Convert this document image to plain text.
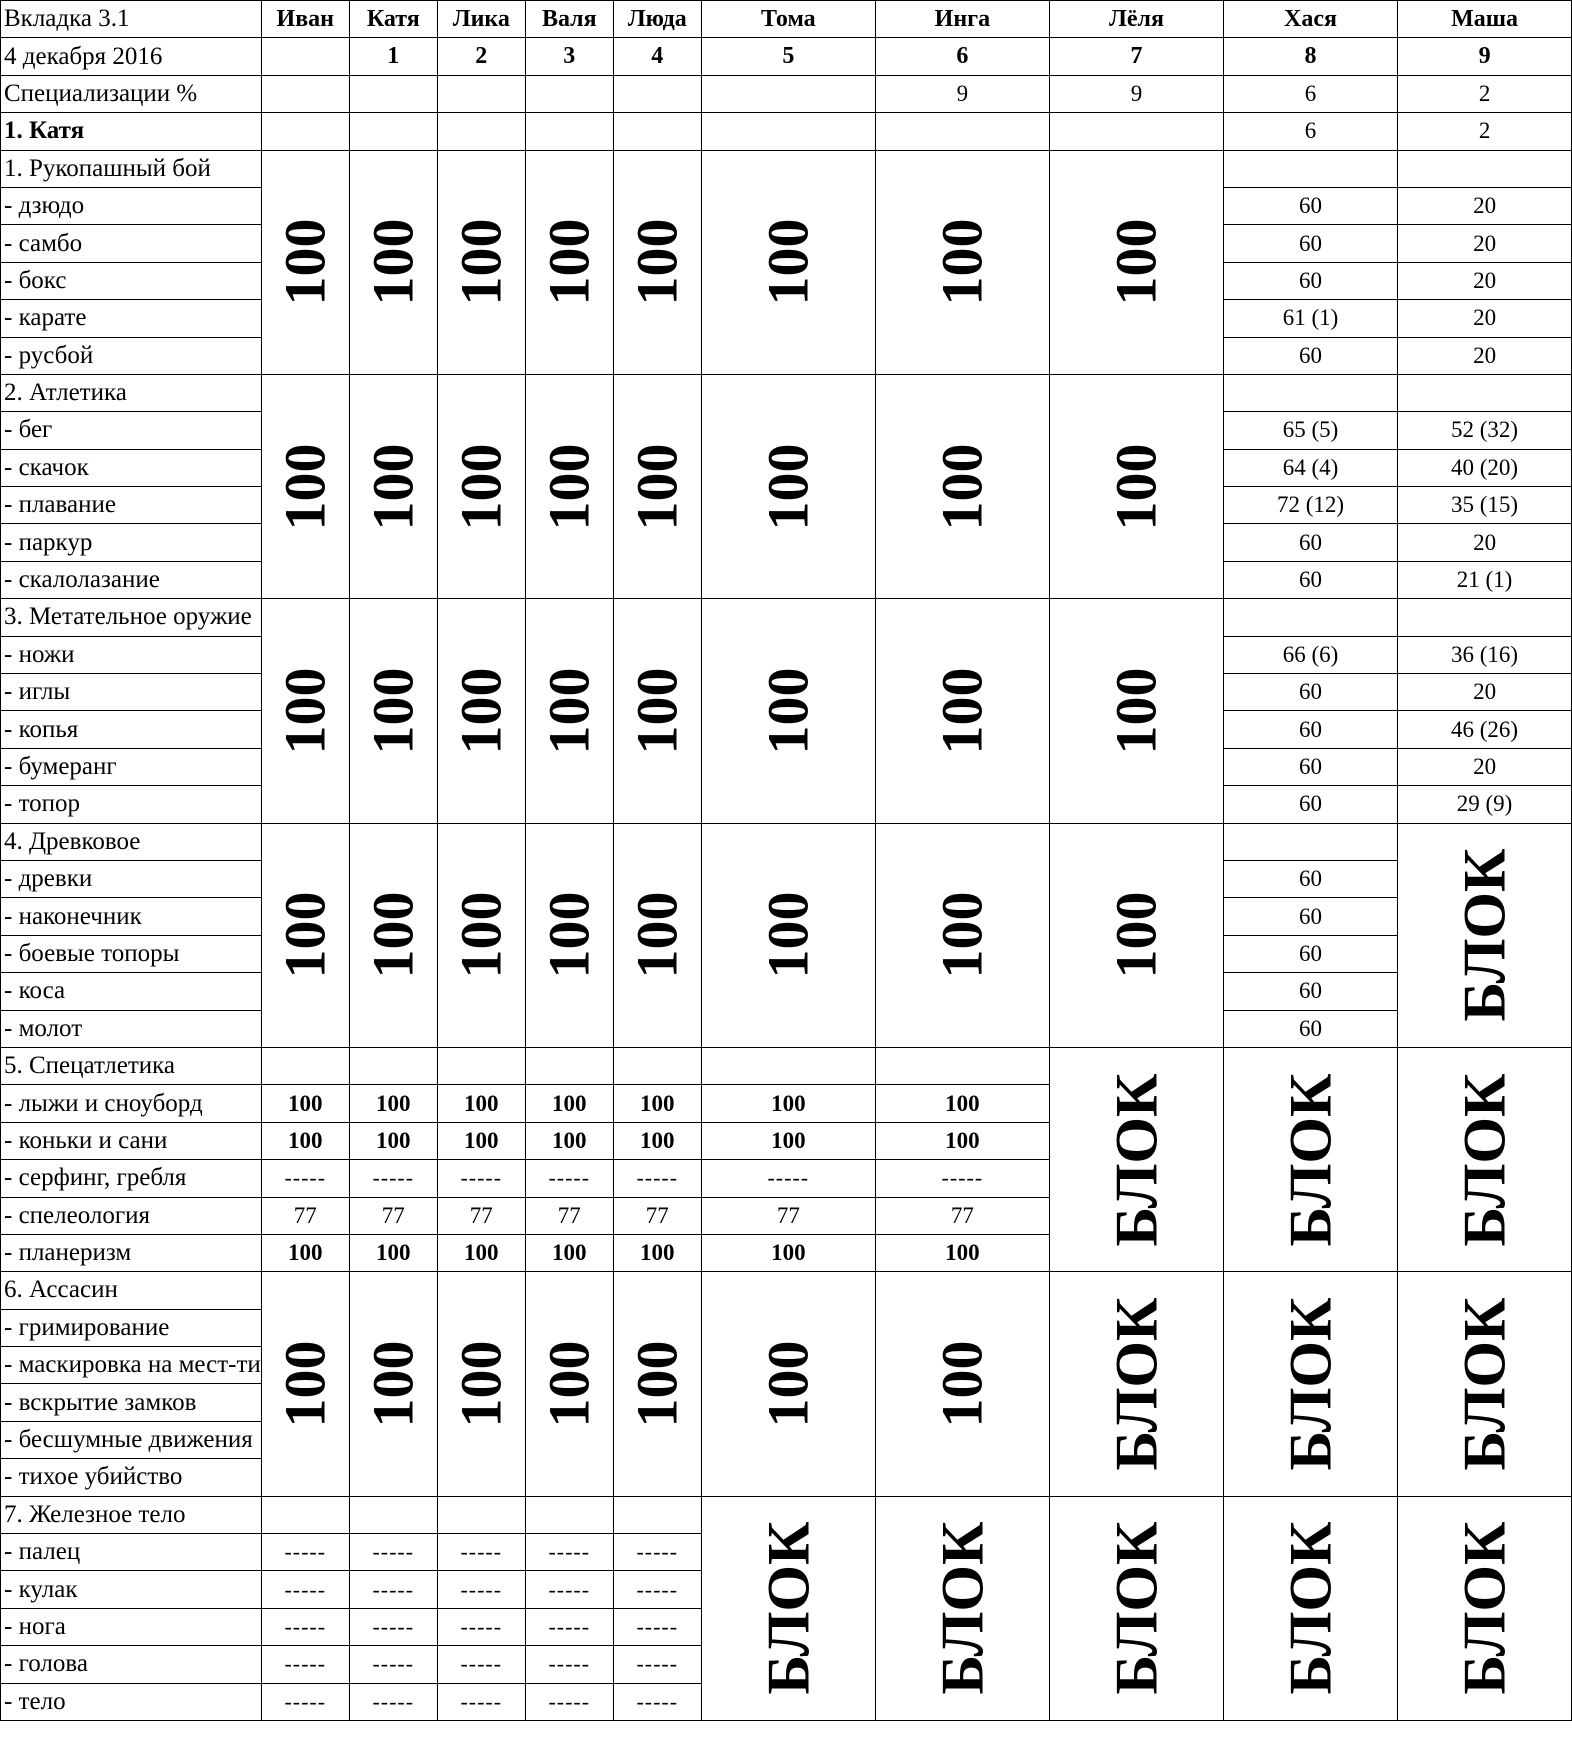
Вкладка 3.1	Иван	Катя	Лика	Валя	Люда	Тома	Инга	Лёля	Хася	Маша
4 декабря 2016		1	2	3	4	5	6	7	8	9
Специализации %							9	9	6	2
1. Катя									6	2
1. Рукопашный бой	100	100	100	100	100	100	100	100		
- дзюдо									60	20
- самбо									60	20
- бокс									60	20
- карате									61 (1)	20
- русбой									60	20
2. Атлетика	100	100	100	100	100	100	100	100		
- бег									65 (5)	52 (32)
- скачок									64 (4)	40 (20)
- плавание									72 (12)	35 (15)
- паркур									60	20
- скалолазание									60	21 (1)
3. Метательное оружие	100	100	100	100	100	100	100	100		
- ножи									66 (6)	36 (16)
- иглы									60	20
- копья									60	46 (26)
- бумеранг									60	20
- топор									60	29 (9)
4. Древковое	100	100	100	100	100	100	100	100		БЛОК
- древки									60	
- наконечник									60	
- боевые топоры									60	
- коса									60	
- молот									60	
5. Спецатлетика								БЛОК	БЛОК	БЛОК
- лыжи и сноуборд	100	100	100	100	100	100	100			
- коньки и сани	100	100	100	100	100	100	100			
- серфинг, гребля	-----	-----	-----	-----	-----	-----	-----			
- спелеология	77	77	77	77	77	77	77			
- планеризм	100	100	100	100	100	100	100			
6. Ассасин	100	100	100	100	100	100	100	БЛОК	БЛОК	БЛОК
- гримирование										
- маскировка на мест-ти										
- вскрытие замков										
- бесшумные движения										
- тихое убийство										
7. Железное тело						БЛОК	БЛОК	БЛОК	БЛОК	БЛОК
- палец	-----	-----	-----	-----	-----					
- кулак	-----	-----	-----	-----	-----					
- нога	-----	-----	-----	-----	-----					
- голова	-----	-----	-----	-----	-----					
- тело	-----	-----	-----	-----	-----					
